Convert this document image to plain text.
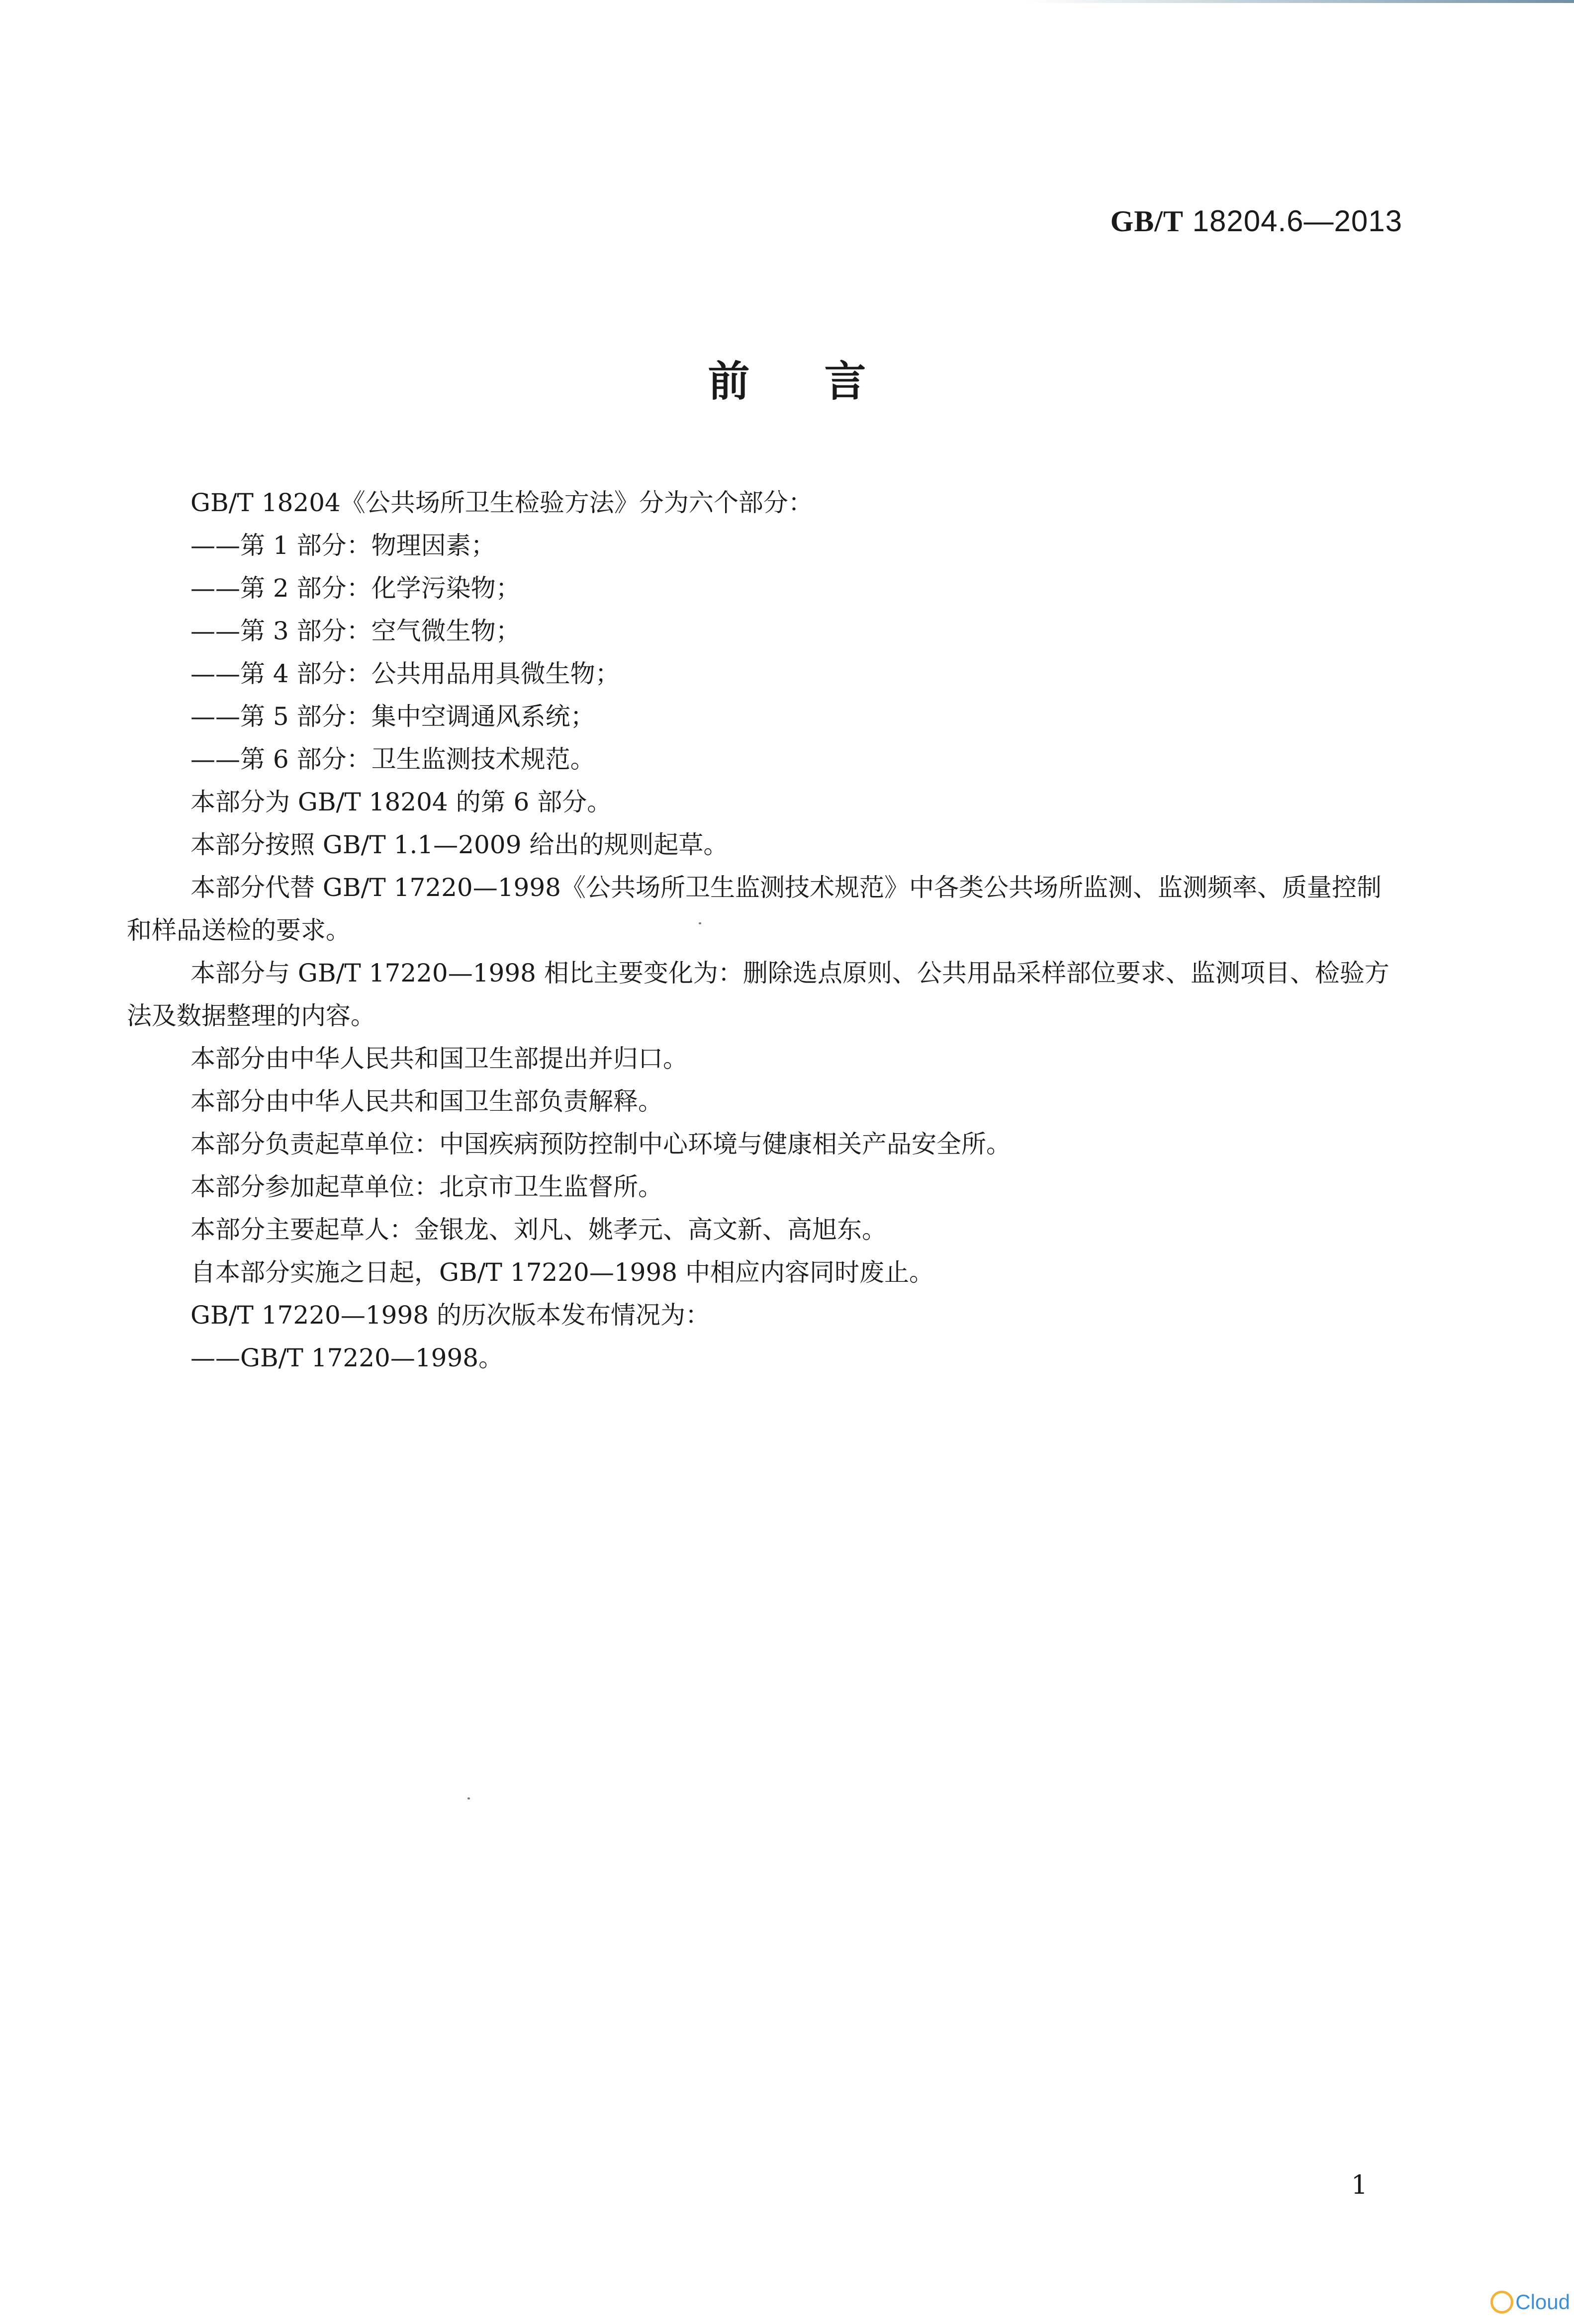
GB/T 18204.6—2013
前言

GB/T 18204《公共场所卫生检验方法》分为六个部分：

——第 1 部分：物理因素；

——第 2 部分：化学污染物；

——第 3 部分：空气微生物；

——第 4 部分：公共用品用具微生物；

——第 5 部分：集中空调通风系统；

——第 6 部分：卫生监测技术规范。

本部分为 GB/T 18204 的第 6 部分。

本部分按照 GB/T 1.1—2009 给出的规则起草。

本部分代替 GB/T 17220—1998《公共场所卫生监测技术规范》中各类公共场所监测、监测频率、质量控制和样品送检的要求。

本部分与 GB/T 17220—1998 相比主要变化为：删除选点原则、公共用品采样部位要求、监测项目、检验方法及数据整理的内容。

本部分由中华人民共和国卫生部提出并归口。

本部分由中华人民共和国卫生部负责解释。

本部分负责起草单位：中国疾病预防控制中心环境与健康相关产品安全所。

本部分参加起草单位：北京市卫生监督所。

本部分主要起草人：金银龙、刘凡、姚孝元、高文新、高旭东。

自本部分实施之日起，GB/T 17220—1998 中相应内容同时废止。

GB/T 17220—1998 的历次版本发布情况为：

——GB/T 17220—1998。

1
Cloud
